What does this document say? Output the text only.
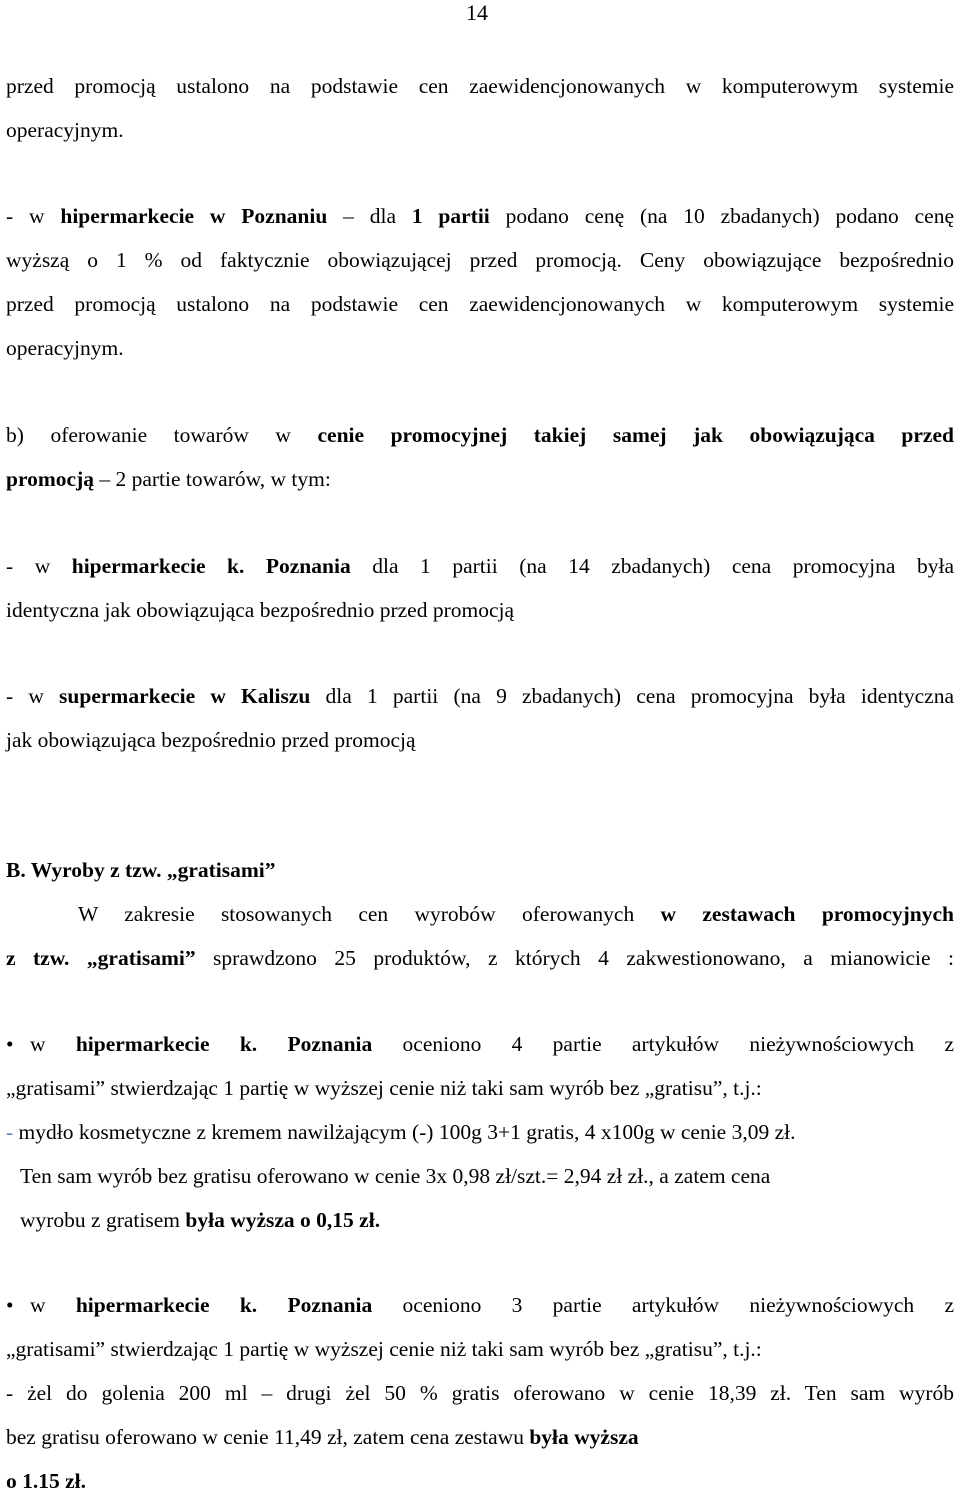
14
przed promocją ustalono na podstawie cen zaewidencjonowanych w komputerowym systemie
operacyjnym.
- w hipermarkecie w Poznaniu – dla 1 partii podano cenę (na 10 zbadanych) podano cenę
wyższą o 1 % od faktycznie obowiązującej przed promocją. Ceny obowiązujące bezpośrednio
przed promocją ustalono na podstawie cen zaewidencjonowanych w komputerowym systemie
operacyjnym.
b) oferowanie towarów w cenie promocyjnej takiej samej jak obowiązująca przed
promocją – 2 partie towarów, w tym:
- w hipermarkecie k. Poznania dla 1 partii (na 14 zbadanych) cena promocyjna była
identyczna jak obowiązująca bezpośrednio przed promocją
- w supermarkecie w Kaliszu dla 1 partii (na 9 zbadanych) cena promocyjna była identyczna
jak obowiązująca bezpośrednio przed promocją
B. Wyroby z tzw. „gratisami”
W zakresie stosowanych cen wyrobów oferowanych w zestawach promocyjnych
z tzw. „gratisami” sprawdzono 25 produktów, z których 4 zakwestionowano, a mianowicie :
• w hipermarkecie k. Poznania oceniono 4 partie artykułów nieżywnościowych z
„gratisami” stwierdzając 1 partię w wyższej cenie niż taki sam wyrób bez „gratisu”, t.j.:
- mydło kosmetyczne z kremem nawilżającym (-) 100g 3+1 gratis, 4 x100g w cenie 3,09 zł.
Ten sam wyrób bez gratisu oferowano w cenie 3x 0,98 zł/szt.= 2,94 zł zł., a zatem cena
wyrobu z gratisem była wyższa o 0,15 zł.
• w hipermarkecie k. Poznania oceniono 3 partie artykułów nieżywnościowych z
„gratisami” stwierdzając 1 partię w wyższej cenie niż taki sam wyrób bez „gratisu”, t.j.:
- żel do golenia 200 ml – drugi żel 50 % gratis oferowano w cenie 18,39 zł. Ten sam wyrób
bez gratisu oferowano w cenie 11,49 zł, zatem cena zestawu była wyższa
o 1.15 zł.
